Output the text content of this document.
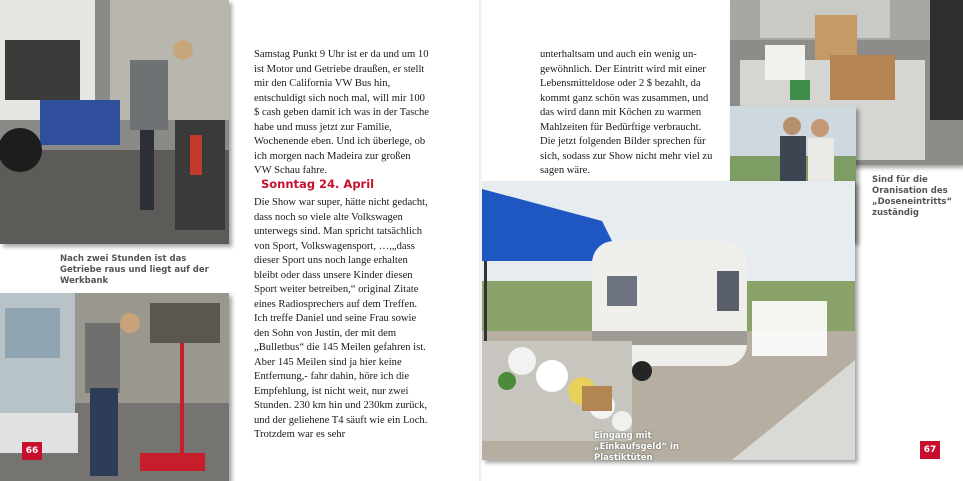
Nach zwei Stunden ist das Getriebe raus und liegt auf der Werkbank
Samstag Punkt 9 Uhr ist er da und um 10 ist Motor und Getriebe draußen, er stellt mir den California VW Bus hin, entschuldigt sich noch mal, will mir 100 $ cash geben damit ich was in der Tasche habe und muss jetzt zur Familie, Wochenende eben. Und ich überlege, ob ich morgen nach Madeira zur großen VW Schau fahre.
Sonntag 24. April
Die Show war super, hätte nicht gedacht, dass noch so viele alte Volkswagen unterwegs sind. Man spricht tatsächlich von Sport, Volkswagensport, …,„dass dieser Sport uns noch lange erhalten bleibt oder dass unsere Kinder diesen Sport weiter betreiben,“ original Zitate eines Radiosprechers auf dem Treffen. Ich treffe Daniel und seine Frau sowie den Sohn von Justin, der mit dem „Bulletbus“ die 145 Meilen gefahren ist. Aber 145 Meilen sind ja hier keine Entfernung,- fahr dahin, höre ich die Empfehlung, ist nicht weit, nur zwei Stunden. 230 km hin und 230km zurück, und der geliehene T4 säuft wie ein Loch. Trotzdem war es sehr
66
unterhaltsam und auch ein wenig un-gewöhnlich. Der Eintritt wird mit einer Lebensmitteldose oder 2 $ bezahlt, da kommt ganz schön was zusammen, und das wird dann mit Köchen zu warmen Mahlzeiten für Bedürftige verbraucht. Die jetzt folgenden Bilder sprechen für sich, sodass zur Show nicht mehr viel zu sagen wäre.
Sind für die Oranisation des „Doseneintritts“ zuständig
Eingang mit „Einkaufsgeld“ in Plastiktüten
67
